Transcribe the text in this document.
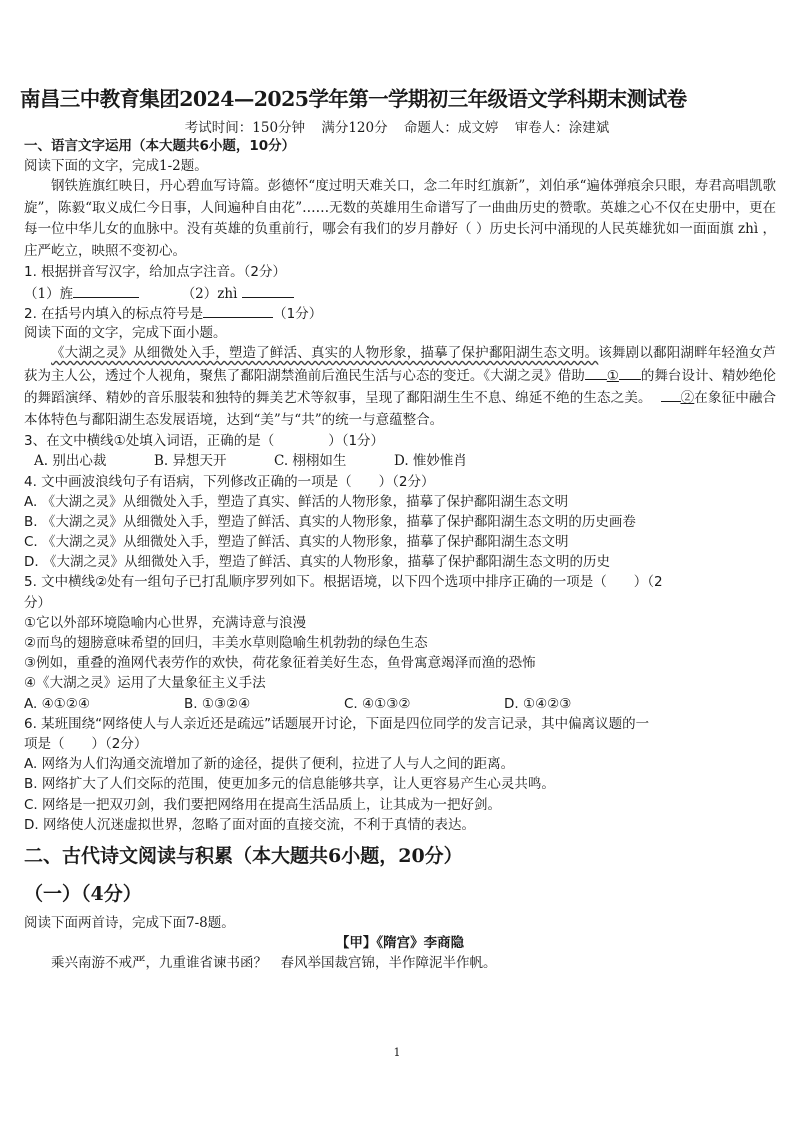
南昌三中教育集团2024—2025学年第一学期初三年级语文学科期末测试卷
考试时间：150分钟 满分120分 命题人：成文婷 审卷人：涂建斌
一、语言文字运用（本大题共6小题，10分）
阅读下面的文字，完成1-2题。
钢铁旌旗红映日，丹心碧血写诗篇。彭德怀“度过明天难关口，念二年时红旗新”，刘伯承“遍体弹痕余只眼，寿君高唱凯歌旋”，陈毅“取义成仁今日事，人间遍种自由花”……无数的英雄用生命谱写了一曲曲历史的赞歌。英雄之心不仅在史册中，更在每一位中华儿女的血脉中。没有英雄的负重前行，哪会有我们的岁月静好（ ）历史长河中涌现的人民英雄犹如一面面旗 zhì ，庄严屹立，映照不变初心。
1. 根据拼音写汉字，给加点字注音。（2分）
（1）旌	（2）zhì
2. 在括号内填入的标点符号是	（1分）
阅读下面的文字，完成下面小题。
《大湖之灵》从细微处入手，塑造了鲜活、真实的人物形象，描摹了保护鄱阳湖生态文明。该舞剧以鄱阳湖畔年轻渔女芦荻为主人公，透过个人视角，聚焦了鄱阳湖禁渔前后渔民生活与心态的变迁。《大湖之灵》借助 ① 的舞台设计、精妙绝伦的舞蹈演绎、精妙的音乐服装和独特的舞美艺术等叙事，呈现了鄱阳湖生生不息、绵延不绝的生态之美。 ②在象征中融合本体特色与鄱阳湖生态发展语境，达到“美”与“共”的统一与意蕴整合。
3、在文中横线①处填入词语，正确的是（　　　　）（1分）
A. 别出心裁	B. 异想天开	C. 栩栩如生	D. 惟妙惟肖
4. 文中画波浪线句子有语病，下列修改正确的一项是（　　）（2分）
A. 《大湖之灵》从细微处入手，塑造了真实、鲜活的人物形象，描摹了保护鄱阳湖生态文明
B. 《大湖之灵》从细微处入手，塑造了鲜活、真实的人物形象，描摹了保护鄱阳湖生态文明的历史画卷
C. 《大湖之灵》从细微处入手，塑造了鲜活、真实的人物形象，描摹了保护鄱阳湖生态文明
D. 《大湖之灵》从细微处入手，塑造了鲜活、真实的人物形象，描摹了保护鄱阳湖生态文明的历史
5. 文中横线②处有一组句子已打乱顺序罗列如下。根据语境，以下四个选项中排序正确的一项是（　　）（2
分）
①它以外部环境隐喻内心世界，充满诗意与浪漫
②而鸟的翅膀意味希望的回归，丰美水草则隐喻生机勃勃的绿色生态
③例如，重叠的渔网代表劳作的欢快，荷花象征着美好生态，鱼骨寓意竭泽而渔的恐怖
④《大湖之灵》运用了大量象征主义手法
A. ④①②④	B. ①③②④	C. ④①③②	D. ①④②③
6. 某班围绕“网络使人与人亲近还是疏远”话题展开讨论，下面是四位同学的发言记录，其中偏离议题的一
项是（　　）（2分）
A. 网络为人们沟通交流增加了新的途径，提供了便利，拉进了人与人之间的距离。
B. 网络扩大了人们交际的范围，使更加多元的信息能够共享，让人更容易产生心灵共鸣。
C. 网络是一把双刃剑，我们要把网络用在提高生活品质上，让其成为一把好剑。
D. 网络使人沉迷虚拟世界，忽略了面对面的直接交流，不利于真情的表达。
二、古代诗文阅读与积累（本大题共6小题，20分）
（一）（4分）
阅读下面两首诗，完成下面7-8题。
【甲】《隋宫》李商隐
乘兴南游不戒严，九重谁省谏书函？　春风举国裁宫锦，半作障泥半作帆。
1
